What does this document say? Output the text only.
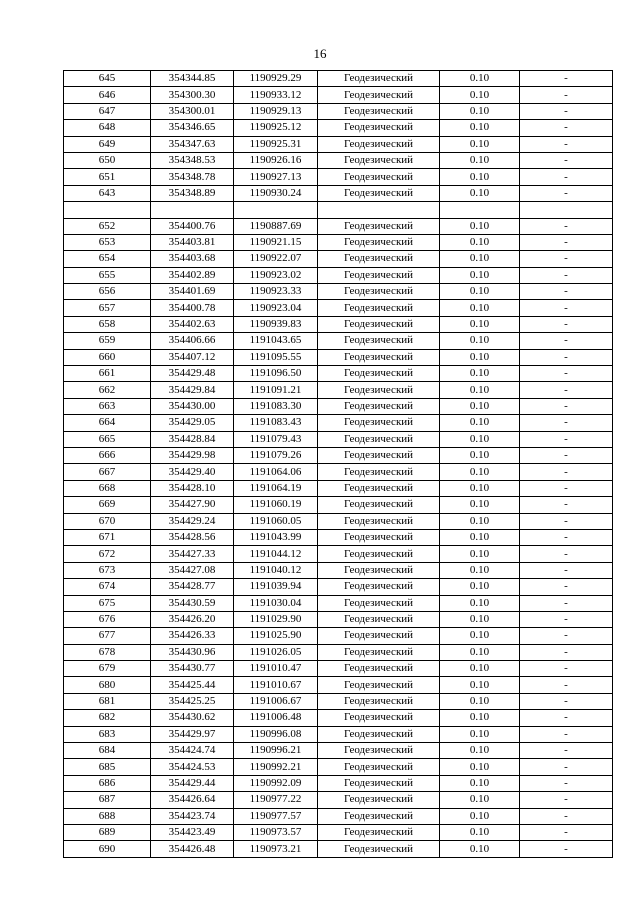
16
645	354344.85	1190929.29	Геодезический	0.10	-
646	354300.30	1190933.12	Геодезический	0.10	-
647	354300.01	1190929.13	Геодезический	0.10	-
648	354346.65	1190925.12	Геодезический	0.10	-
649	354347.63	1190925.31	Геодезический	0.10	-
650	354348.53	1190926.16	Геодезический	0.10	-
651	354348.78	1190927.13	Геодезический	0.10	-
643	354348.89	1190930.24	Геодезический	0.10	-

652	354400.76	1190887.69	Геодезический	0.10	-
653	354403.81	1190921.15	Геодезический	0.10	-
654	354403.68	1190922.07	Геодезический	0.10	-
655	354402.89	1190923.02	Геодезический	0.10	-
656	354401.69	1190923.33	Геодезический	0.10	-
657	354400.78	1190923.04	Геодезический	0.10	-
658	354402.63	1190939.83	Геодезический	0.10	-
659	354406.66	1191043.65	Геодезический	0.10	-
660	354407.12	1191095.55	Геодезический	0.10	-
661	354429.48	1191096.50	Геодезический	0.10	-
662	354429.84	1191091.21	Геодезический	0.10	-
663	354430.00	1191083.30	Геодезический	0.10	-
664	354429.05	1191083.43	Геодезический	0.10	-
665	354428.84	1191079.43	Геодезический	0.10	-
666	354429.98	1191079.26	Геодезический	0.10	-
667	354429.40	1191064.06	Геодезический	0.10	-
668	354428.10	1191064.19	Геодезический	0.10	-
669	354427.90	1191060.19	Геодезический	0.10	-
670	354429.24	1191060.05	Геодезический	0.10	-
671	354428.56	1191043.99	Геодезический	0.10	-
672	354427.33	1191044.12	Геодезический	0.10	-
673	354427.08	1191040.12	Геодезический	0.10	-
674	354428.77	1191039.94	Геодезический	0.10	-
675	354430.59	1191030.04	Геодезический	0.10	-
676	354426.20	1191029.90	Геодезический	0.10	-
677	354426.33	1191025.90	Геодезический	0.10	-
678	354430.96	1191026.05	Геодезический	0.10	-
679	354430.77	1191010.47	Геодезический	0.10	-
680	354425.44	1191010.67	Геодезический	0.10	-
681	354425.25	1191006.67	Геодезический	0.10	-
682	354430.62	1191006.48	Геодезический	0.10	-
683	354429.97	1190996.08	Геодезический	0.10	-
684	354424.74	1190996.21	Геодезический	0.10	-
685	354424.53	1190992.21	Геодезический	0.10	-
686	354429.44	1190992.09	Геодезический	0.10	-
687	354426.64	1190977.22	Геодезический	0.10	-
688	354423.74	1190977.57	Геодезический	0.10	-
689	354423.49	1190973.57	Геодезический	0.10	-
690	354426.48	1190973.21	Геодезический	0.10	-
